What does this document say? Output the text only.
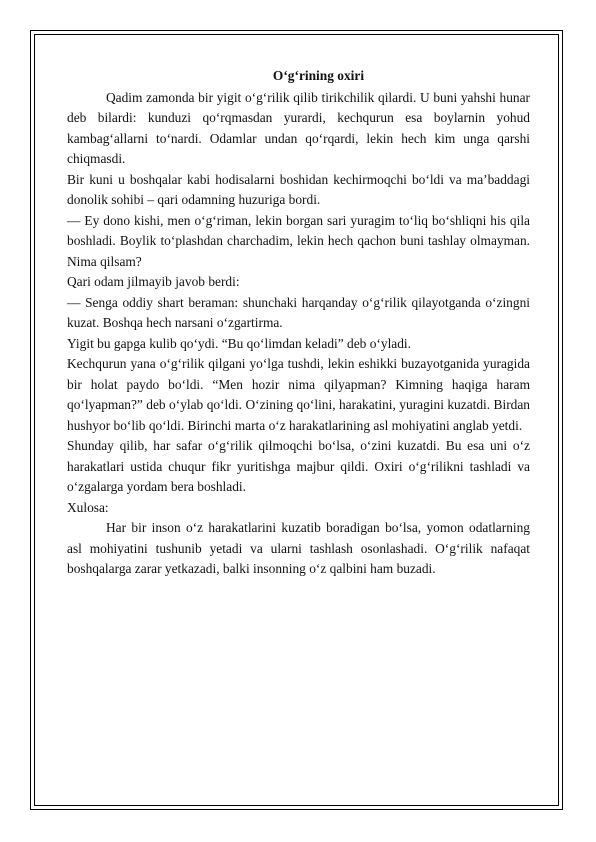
O‘g‘rining oxiri

Qadim zamonda bir yigit o‘g‘rilik qilib tirikchilik qilardi. U buni yahshi hunar deb bilardi: kunduzi qo‘rqmasdan yurardi, kechqurun esa boylarnin yohud kambag‘allarni to‘nardi. Odamlar undan qo‘rqardi, lekin hech kim unga qarshi chiqmasdi.

Bir kuni u boshqalar kabi hodisalarni boshidan kechirmoqchi bo‘ldi va ma’baddagi donolik sohibi – qari odamning huzuriga bordi.

— Ey dono kishi, men o‘g‘riman, lekin borgan sari yuragim to‘liq bo‘shliqni his qila boshladi. Boylik to‘plashdan charchadim, lekin hech qachon buni tashlay olmayman. Nima qilsam?

Qari odam jilmayib javob berdi:

— Senga oddiy shart beraman: shunchaki harqanday o‘g‘rilik qilayotganda o‘zingni kuzat. Boshqa hech narsani o‘zgartirma.

Yigit bu gapga kulib qo‘ydi. “Bu qo‘limdan keladi” deb o‘yladi.

Kechqurun yana o‘g‘rilik qilgani yo‘lga tushdi, lekin eshikki buzayotganida yuragida bir holat paydo bo‘ldi. “Men hozir nima qilyapman? Kimning haqiga haram qo‘lyapman?” deb o‘ylab qo‘ldi. O‘zining qo‘lini, harakatini, yuragini kuzatdi. Birdan hushyor bo‘lib qo‘ldi. Birinchi marta o‘z harakatlarining asl mohiyatini anglab yetdi.

Shunday qilib, har safar o‘g‘rilik qilmoqchi bo‘lsa, o‘zini kuzatdi. Bu esa uni o‘z harakatlari ustida chuqur fikr yuritishga majbur qildi. Oxiri o‘g‘rilikni tashladi va o‘zgalarga yordam bera boshladi.

Xulosa:

Har bir inson o‘z harakatlarini kuzatib boradigan bo‘lsa, yomon odatlarning asl mohiyatini tushunib yetadi va ularni tashlash osonlashadi. O‘g‘rilik nafaqat boshqalarga zarar yetkazadi, balki insonning o‘z qalbini ham buzadi.
